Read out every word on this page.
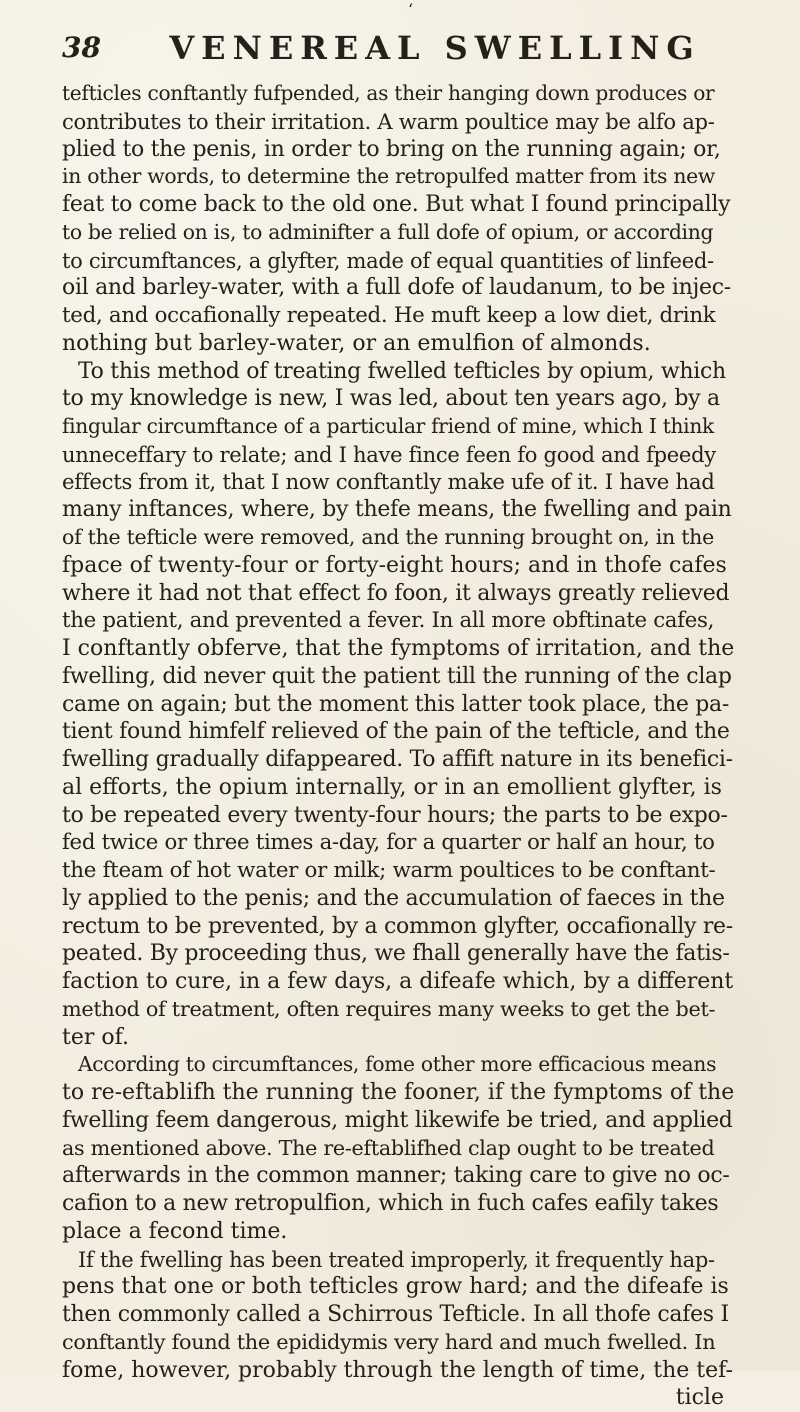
‘
38	VENEREAL SWELLING
tefticles conftantly fufpended, as their hanging down produces or
contributes to their irritation. A warm poultice may be alfo ap-
plied to the penis, in order to bring on the running again; or,
in other words, to determine the retropulfed matter from its new
feat to come back to the old one. But what I found principally
to be relied on is, to adminifter a full dofe of opium, or according
to circumftances, a glyfter, made of equal quantities of linfeed-
oil and barley-water, with a full dofe of laudanum, to be injec-
ted, and occafionally repeated. He muft keep a low diet, drink
nothing but barley-water, or an emulfion of almonds.
To this method of treating fwelled tefticles by opium, which
to my knowledge is new, I was led, about ten years ago, by a
fingular circumftance of a particular friend of mine, which I think
unneceffary to relate; and I have fince feen fo good and fpeedy
effects from it, that I now conftantly make ufe of it. I have had
many inftances, where, by thefe means, the fwelling and pain
of the tefticle were removed, and the running brought on, in the
fpace of twenty-four or forty-eight hours; and in thofe cafes
where it had not that effect fo foon, it always greatly relieved
the patient, and prevented a fever. In all more obftinate cafes,
I conftantly obferve, that the fymptoms of irritation, and the
fwelling, did never quit the patient till the running of the clap
came on again; but the moment this latter took place, the pa-
tient found himfelf relieved of the pain of the tefticle, and the
fwelling gradually difappeared. To affift nature in its benefici-
al efforts, the opium internally, or in an emollient glyfter, is
to be repeated every twenty-four hours; the parts to be expo-
fed twice or three times a-day, for a quarter or half an hour, to
the fteam of hot water or milk; warm poultices to be conftant-
ly applied to the penis; and the accumulation of faeces in the
rectum to be prevented, by a common glyfter, occafionally re-
peated. By proceeding thus, we fhall generally have the fatis-
faction to cure, in a few days, a difeafe which, by a different
method of treatment, often requires many weeks to get the bet-
ter of.
According to circumftances, fome other more efficacious means
to re-eftablifh the running the fooner, if the fymptoms of the
fwelling feem dangerous, might likewife be tried, and applied
as mentioned above. The re-eftablifhed clap ought to be treated
afterwards in the common manner; taking care to give no oc-
cafion to a new retropulfion, which in fuch cafes eafily takes
place a fecond time.
If the fwelling has been treated improperly, it frequently hap-
pens that one or both tefticles grow hard; and the difeafe is
then commonly called a Schirrous Tefticle. In all thofe cafes I
conftantly found the epididymis very hard and much fwelled. In
fome, however, probably through the length of time, the tef-
ticle
